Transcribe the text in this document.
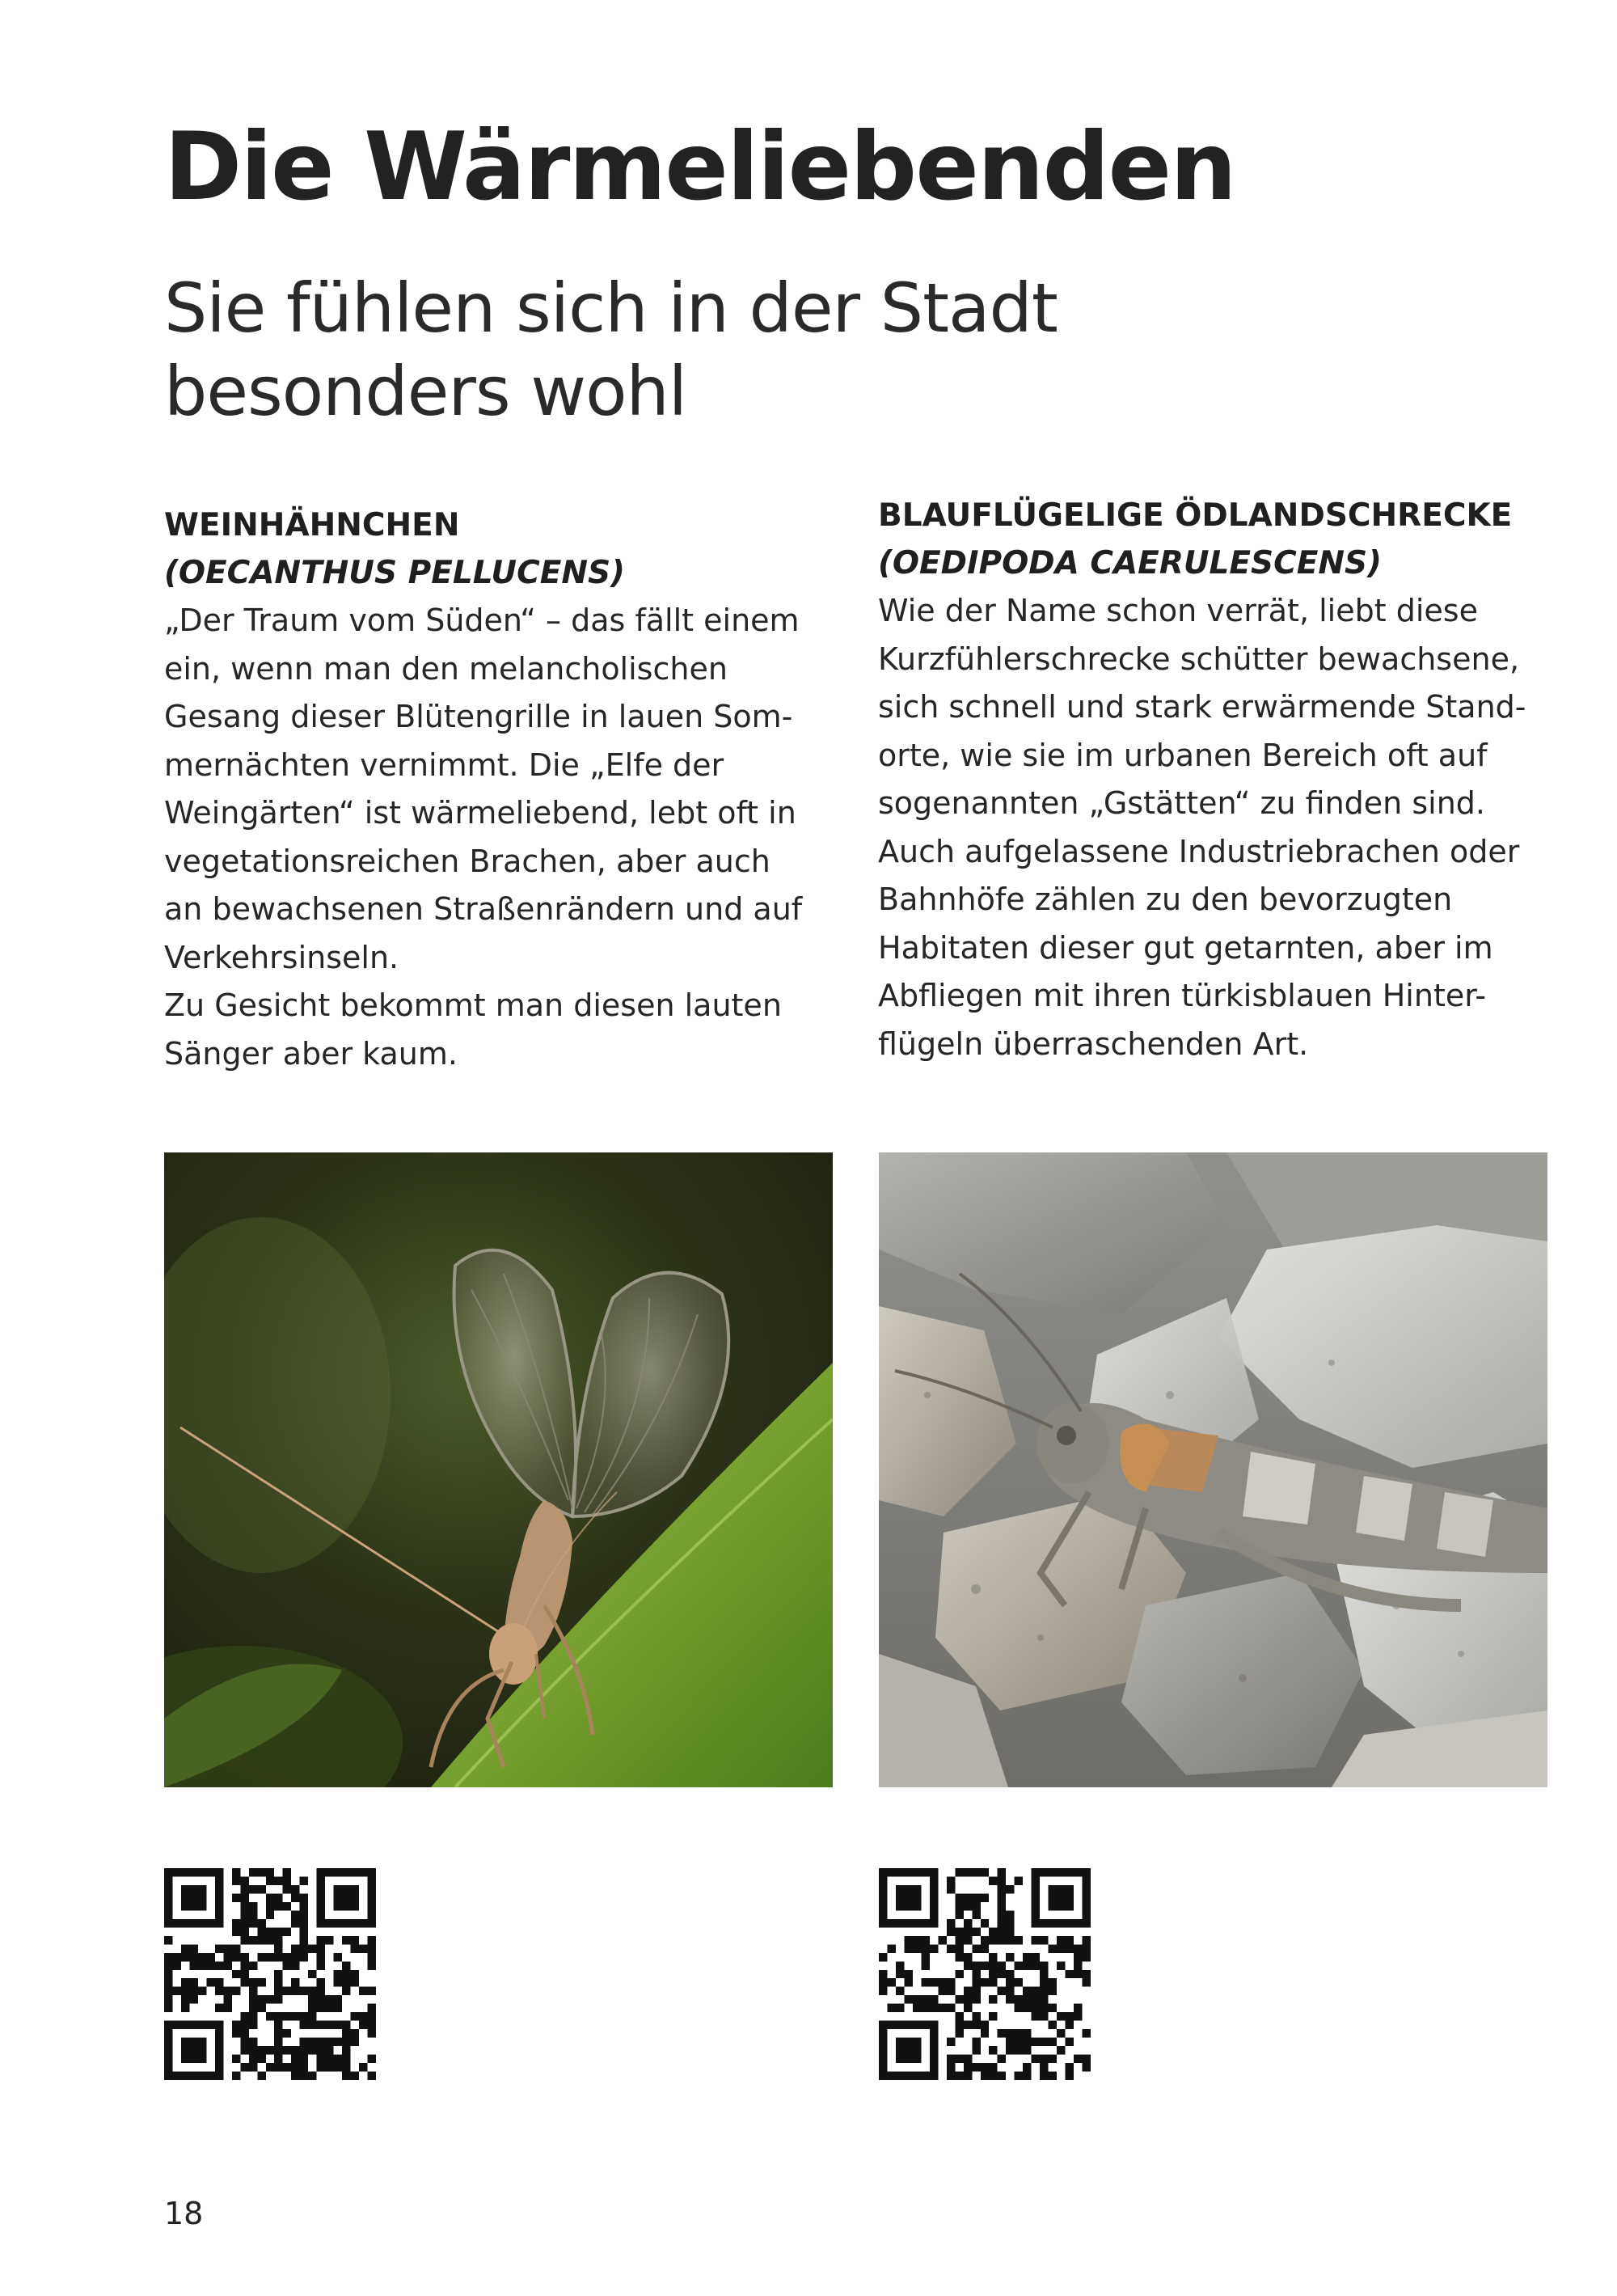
Die Wärmeliebenden
Sie fühlen sich in der Stadt
besonders wohl
WEINHÄHNCHEN

(OECANTHUS PELLUCENS)

„Der Traum vom Süden“ – das fällt einem
ein, wenn man den melancholischen
Gesang dieser Blütengrille in lauen Som-
mernächten vernimmt. Die „Elfe der
Weingärten“ ist wärmeliebend, lebt oft in
vegetationsreichen Brachen, aber auch
an bewachsenen Straßenrändern und auf
Verkehrsinseln.
Zu Gesicht bekommt man diesen lauten
Sänger aber kaum.

BLAUFLÜGELIGE ÖDLANDSCHRECKE

(OEDIPODA CAERULESCENS)

Wie der Name schon verrät, liebt diese
Kurzfühlerschrecke schütter bewachsene,
sich schnell und stark erwärmende Stand-
orte, wie sie im urbanen Bereich oft auf
sogenannten „Gstätten“ zu finden sind.
Auch aufgelassene Industriebrachen oder
Bahnhöfe zählen zu den bevorzugten
Habitaten dieser gut getarnten, aber im
Abfliegen mit ihren türkisblauen Hinter-
flügeln überraschenden Art.

18
